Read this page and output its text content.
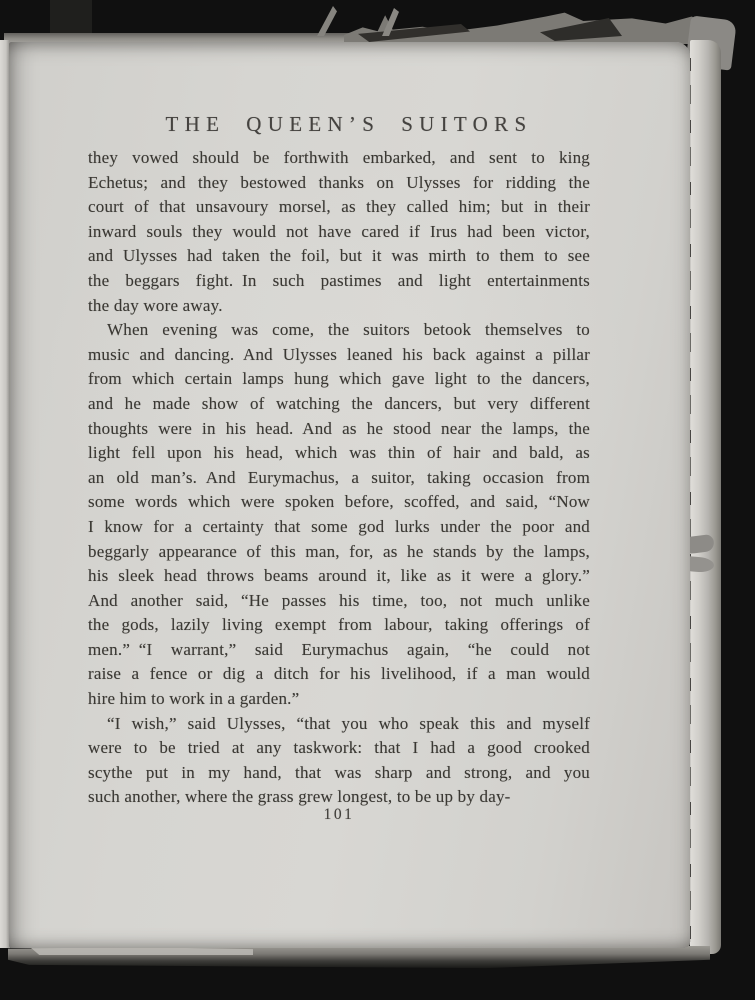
THE QUEEN’S SUITORS
they vowed should be forthwith embarked, and sent to king
Echetus; and they bestowed thanks on Ulysses for ridding the
court of that unsavoury morsel, as they called him; but in their
inward souls they would not have cared if Irus had been victor,
and Ulysses had taken the foil, but it was mirth to them to see
the beggars fight. In such pastimes and light entertainments
the day wore away.
When evening was come, the suitors betook themselves to
music and dancing. And Ulysses leaned his back against a pillar
from which certain lamps hung which gave light to the dancers,
and he made show of watching the dancers, but very different
thoughts were in his head. And as he stood near the lamps, the
light fell upon his head, which was thin of hair and bald, as
an old man’s. And Eurymachus, a suitor, taking occasion from
some words which were spoken before, scoffed, and said, “Now
I know for a certainty that some god lurks under the poor and
beggarly appearance of this man, for, as he stands by the lamps,
his sleek head throws beams around it, like as it were a glory.”
And another said, “He passes his time, too, not much unlike
the gods, lazily living exempt from labour, taking offerings of
men.” “I warrant,” said Eurymachus again, “he could not
raise a fence or dig a ditch for his livelihood, if a man would
hire him to work in a garden.”
“I wish,” said Ulysses, “that you who speak this and myself
were to be tried at any taskwork: that I had a good crooked
scythe put in my hand, that was sharp and strong, and you
such another, where the grass grew longest, to be up by day-
101
